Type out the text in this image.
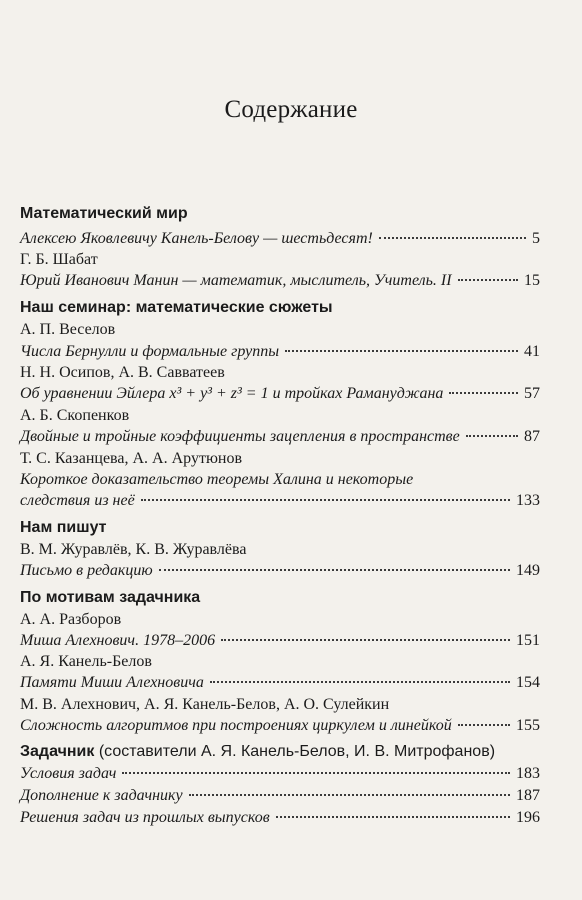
Содержание
Математический мир
Алексею Яковлевичу Канель-Белову — шестьдесят!	5
Г. Б. Шабат
Юрий Иванович Манин — математик, мыслитель, Учитель. II	15
Наш семинар: математические сюжеты
А. П. Веселов
Числа Бернулли и формальные группы	41
Н. Н. Осипов, А. В. Савватеев
Об уравнении Эйлера x³ + y³ + z³ = 1 и тройках Рамануджана	57
А. Б. Скопенков
Двойные и тройные коэффициенты зацепления в пространстве	87
Т. С. Казанцева, А. А. Арутюнов
Короткое доказательство теоремы Халина и некоторые
следствия из неё	133
Нам пишут
В. М. Журавлёв, К. В. Журавлёва
Письмо в редакцию	149
По мотивам задачника
А. А. Разборов
Миша Алехнович. 1978–2006	151
А. Я. Канель-Белов
Памяти Миши Алехновича	154
М. В. Алехнович, А. Я. Канель-Белов, А. О. Сулейкин
Сложность алгоритмов при построениях циркулем и линейкой	155
Задачник (составители А. Я. Канель-Белов, И. В. Митрофанов)
Условия задач	183
Дополнение к задачнику	187
Решения задач из прошлых выпусков	196
